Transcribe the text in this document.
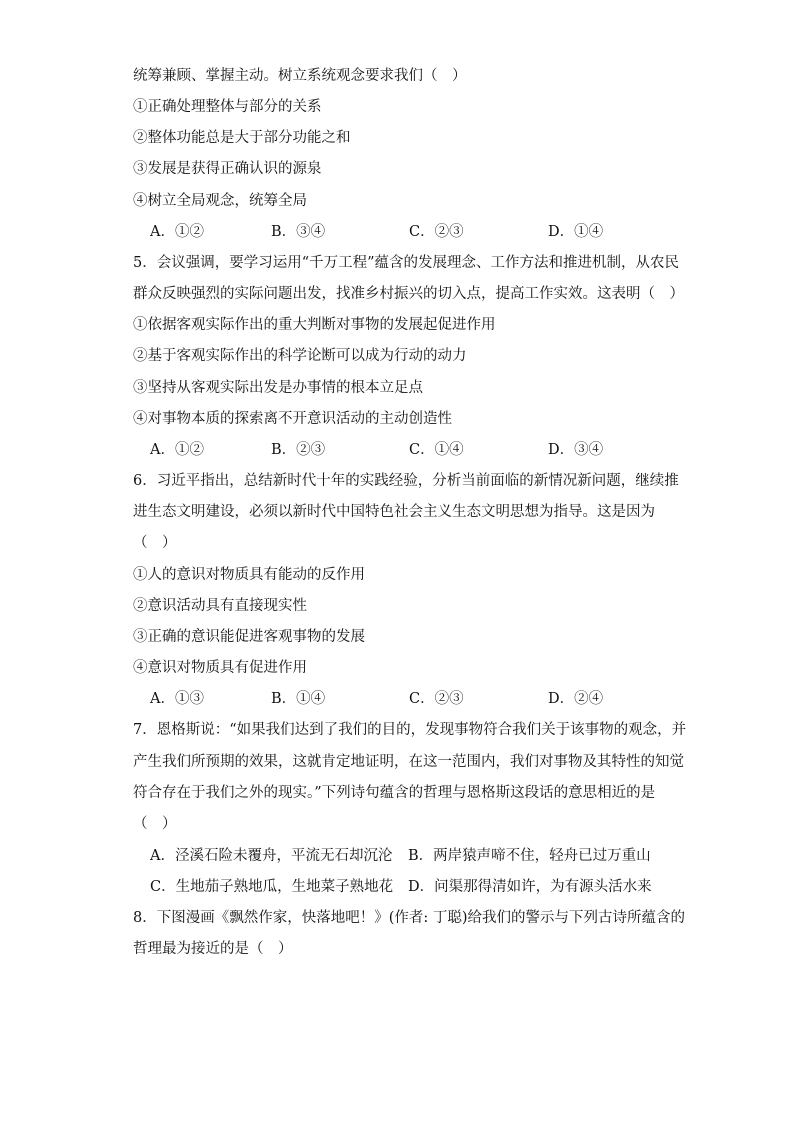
统筹兼顾、掌握主动。树立系统观念要求我们（　）
①正确处理整体与部分的关系
②整体功能总是大于部分功能之和
③发展是获得正确认识的源泉
④树立全局观念，统筹全局
A．①②	B．③④	C．②③	D．①④
5．会议强调，要学习运用“千万工程”蕴含的发展理念、工作方法和推进机制，从农民
群众反映强烈的实际问题出发，找准乡村振兴的切入点，提高工作实效。这表明（　）
①依据客观实际作出的重大判断对事物的发展起促进作用
②基于客观实际作出的科学论断可以成为行动的动力
③坚持从客观实际出发是办事情的根本立足点
④对事物本质的探索离不开意识活动的主动创造性
A．①②	B．②③	C．①④	D．③④
6．习近平指出，总结新时代十年的实践经验，分析当前面临的新情况新问题，继续推
进生态文明建设，必须以新时代中国特色社会主义生态文明思想为指导。这是因为
（　）
①人的意识对物质具有能动的反作用
②意识活动具有直接现实性
③正确的意识能促进客观事物的发展
④意识对物质具有促进作用
A．①③	B．①④	C．②③	D．②④
7．恩格斯说：“如果我们达到了我们的目的，发现事物符合我们关于该事物的观念，并
产生我们所预期的效果，这就肯定地证明，在这一范围内，我们对事物及其特性的知觉
符合存在于我们之外的现实。”下列诗句蕴含的哲理与恩格斯这段话的意思相近的是
（　）
A．泾溪石险未覆舟，平流无石却沉沦 B．两岸猿声啼不住，轻舟已过万重山
C．生地茄子熟地瓜，生地菜子熟地花 D．问渠那得清如许，为有源头活水来
8．下图漫画《飘然作家，快落地吧！》(作者: 丁聪)给我们的警示与下列古诗所蕴含的
哲理最为接近的是（　）
